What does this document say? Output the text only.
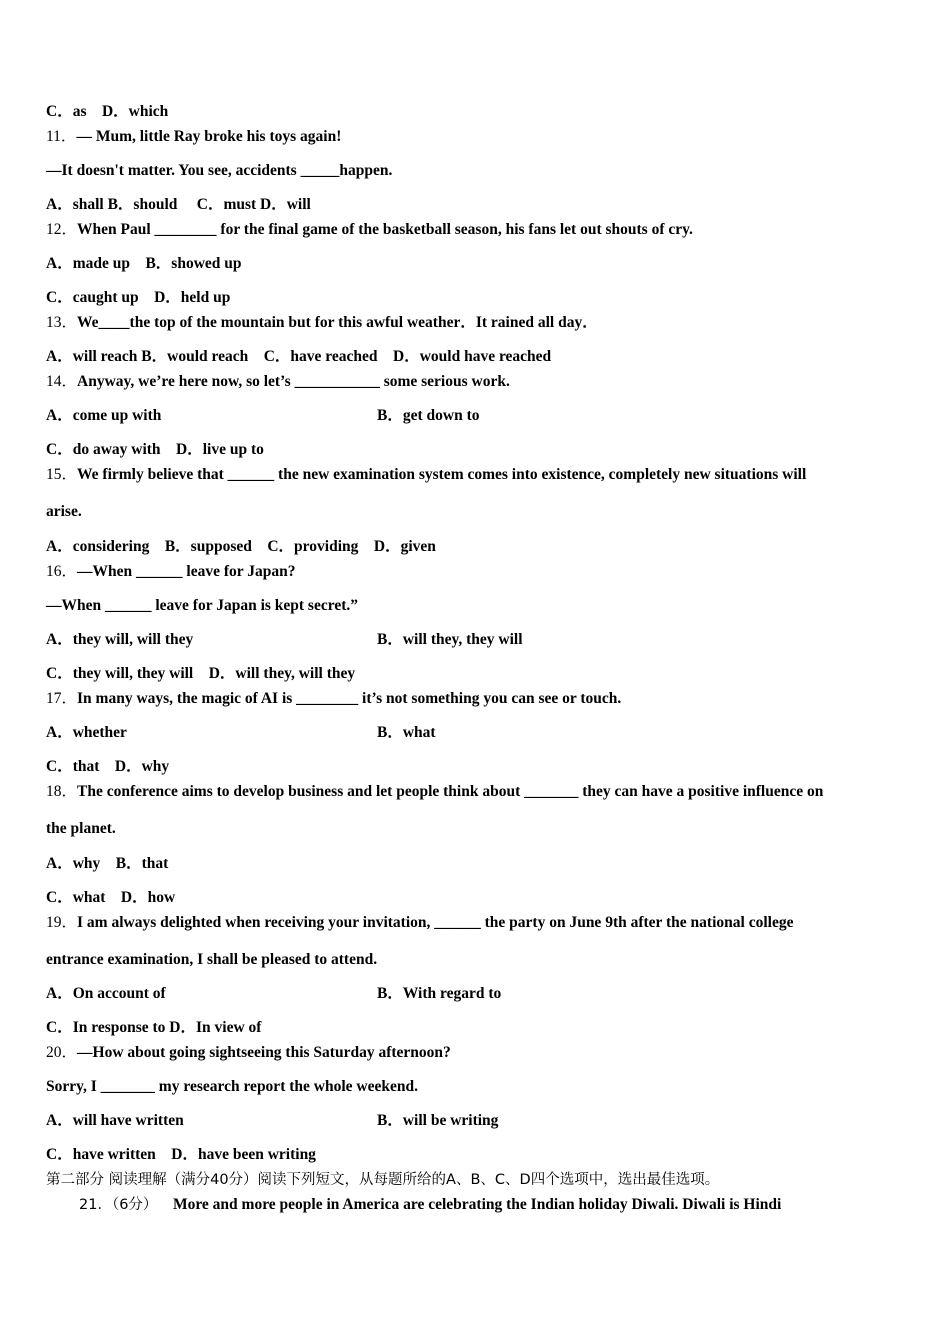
C．as　D．which
11．— Mum, little Ray broke his toys again!
—It doesn't matter. You see, accidents _____happen.
A．shall B．should　 C．must D．will
12．When Paul ________ for the final game of the basketball season, his fans let out shouts of cry.
A．made up　B．showed up
C．caught up　D．held up
13．We____the top of the mountain but for this awful weather．It rained all day．
A．will reach B．would reach　C．have reached　D．would have reached
14．Anyway, we’re here now, so let’s ___________ some serious work.
A．come up with	B．get down to
C．do away with　D．live up to
15．We firmly believe that ______ the new examination system comes into existence, completely new situations will
arise.
A．considering　B．supposed　C．providing　D．given
16．—When ______ leave for Japan?
—When ______ leave for Japan is kept secret.”
A．they will, will they	B．will they, they will
C．they will, they will　D．will they, will they
17．In many ways, the magic of AI is ________ it’s not something you can see or touch.
A．whether	B．what
C．that　D．why
18．The conference aims to develop business and let people think about _______ they can have a positive influence on
the planet.
A．why　B．that
C．what　D．how
19．I am always delighted when receiving your invitation, ______ the party on June 9th after the national college
entrance examination, I shall be pleased to attend.
A．On account of	B．With regard to
C．In response to D．In view of
20．—How about going sightseeing this Saturday afternoon?
Sorry, I _______ my research report the whole weekend.
A．will have written	B．will be writing
C．have written　D．have been writing
第二部分 阅读理解（满分40分）阅读下列短文，从每题所给的A、B、C、D四个选项中，选出最佳选项。
21．（6分） More and more people in America are celebrating the Indian holiday Diwali. Diwali is Hindi
